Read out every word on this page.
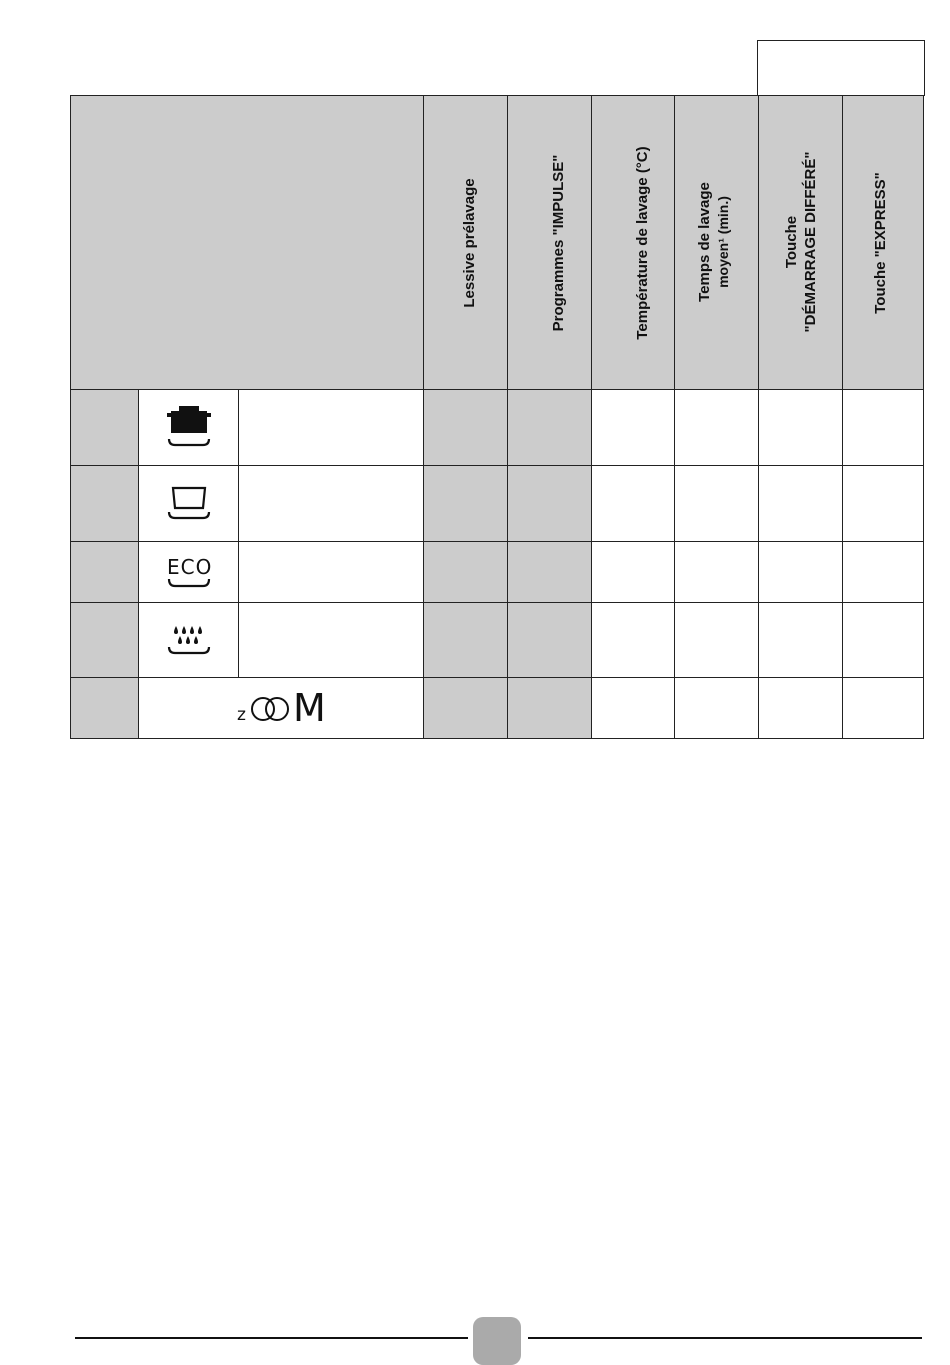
Lessive prélavage	Programmes "IMPULSE"	Température de lavage (°C)	Temps de lavage moyen¹ (min.)	Touche "DÉMARRAGE DIFFÉRÉ"	Touche "EXPRESS"
ECO
z M
